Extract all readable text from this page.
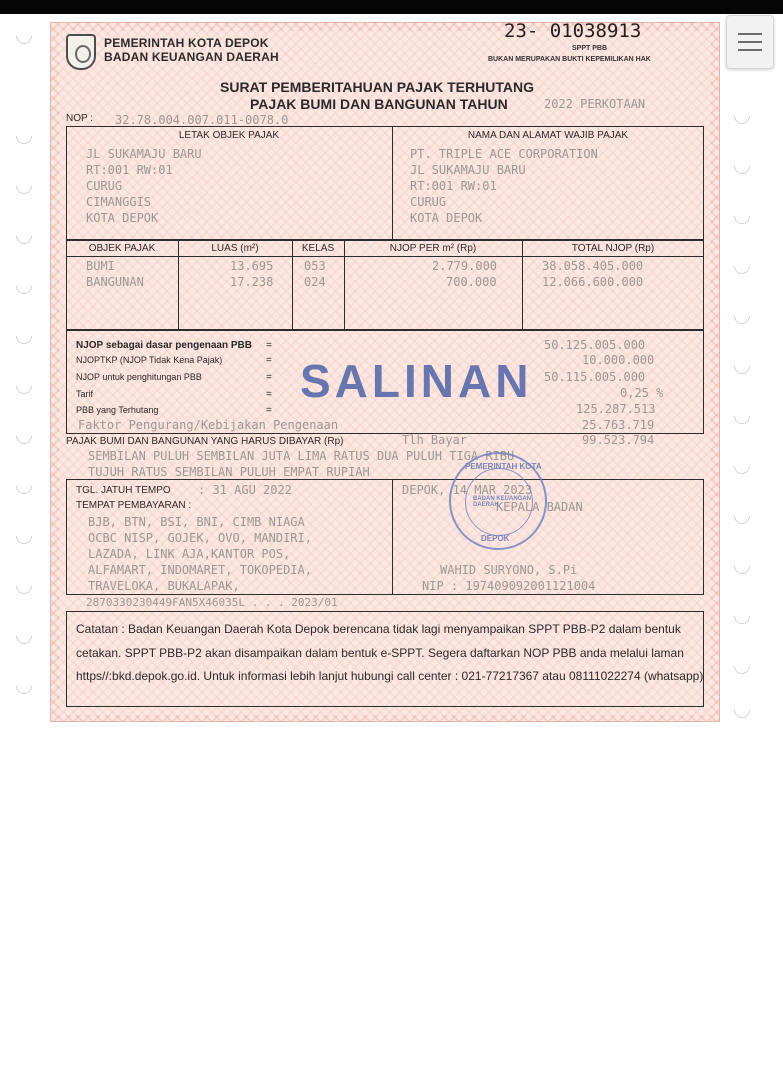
PEMERINTAH KOTA DEPOK
BADAN KEUANGAN DAERAH
23- 01038913
SPPT PBB
BUKAN MERUPAKAN BUKTI KEPEMILIKAN HAK
SURAT PEMBERITAHUAN PAJAK TERHUTANG
PAJAK BUMI DAN BANGUNAN TAHUN	2022 PERKOTAAN
NOP : 32.78.004.007.011-0078.0
LETAK OBJEK PAJAK	NAMA DAN ALAMAT WAJIB PAJAK
JL SUKAMAJU BARU
RT:001 RW:01
CURUG
CIMANGGIS
KOTA DEPOK
PT. TRIPLE ACE CORPORATION
JL SUKAMAJU BARU
RT:001 RW:01
CURUG
KOTA DEPOK
OBJEK PAJAK	LUAS (m²)	KELAS	NJOP PER m² (Rp)	TOTAL NJOP (Rp)
BUMI	13.695	053	2.779.000	38.058.405.000
BANGUNAN	17.238	024	700.000	12.066.600.000
NJOP sebagai dasar pengenaan PBB =	50.125.005.000
NJOPTKP (NJOP Tidak Kena Pajak)	=	10.000.000
NJOP untuk penghitungan PBB	=	50.115.005.000
Tarif	=	0,25 %
PBB yang Terhutang	=	125.287.513
Faktor Pengurang/Kebijakan Pengenaan	25.763.719
SALINAN
PAJAK BUMI DAN BANGUNAN YANG HARUS DIBAYAR (Rp)	Tlh Bayar	99.523.794
SEMBILAN PULUH SEMBILAN JUTA LIMA RATUS DUA PULUH TIGA RIBU
TUJUH RATUS SEMBILAN PULUH EMPAT RUPIAH
TGL. JATUH TEMPO : 31 AGU 2022
TEMPAT PEMBAYARAN :
BJB, BTN, BSI, BNI, CIMB NIAGA
OCBC NISP, GOJEK, OVO, MANDIRI,
LAZADA, LINK AJA,KANTOR POS,
ALFAMART, INDOMARET, TOKOPEDIA,
TRAVELOKA, BUKALAPAK,
DEPOK, 14 MAR 2023
KEPALA BADAN
WAHID SURYONO, S.Pi
NIP : 197409092001121004
PEMERINTAH KOTA
BADAN KEUANGAN DAERAH
DEPOK
2870330230449FAN5X46035L . . . 2023/01
Catatan : Badan Keuangan Daerah Kota Depok berencana tidak lagi menyampaikan SPPT PBB-P2 dalam bentuk cetakan. SPPT PBB-P2 akan disampaikan dalam bentuk e-SPPT. Segera daftarkan NOP PBB anda melalui laman https//:bkd.depok.go.id. Untuk informasi lebih lanjut hubungi call center : 021-77217367 atau 08111022274 (whatsapp)
